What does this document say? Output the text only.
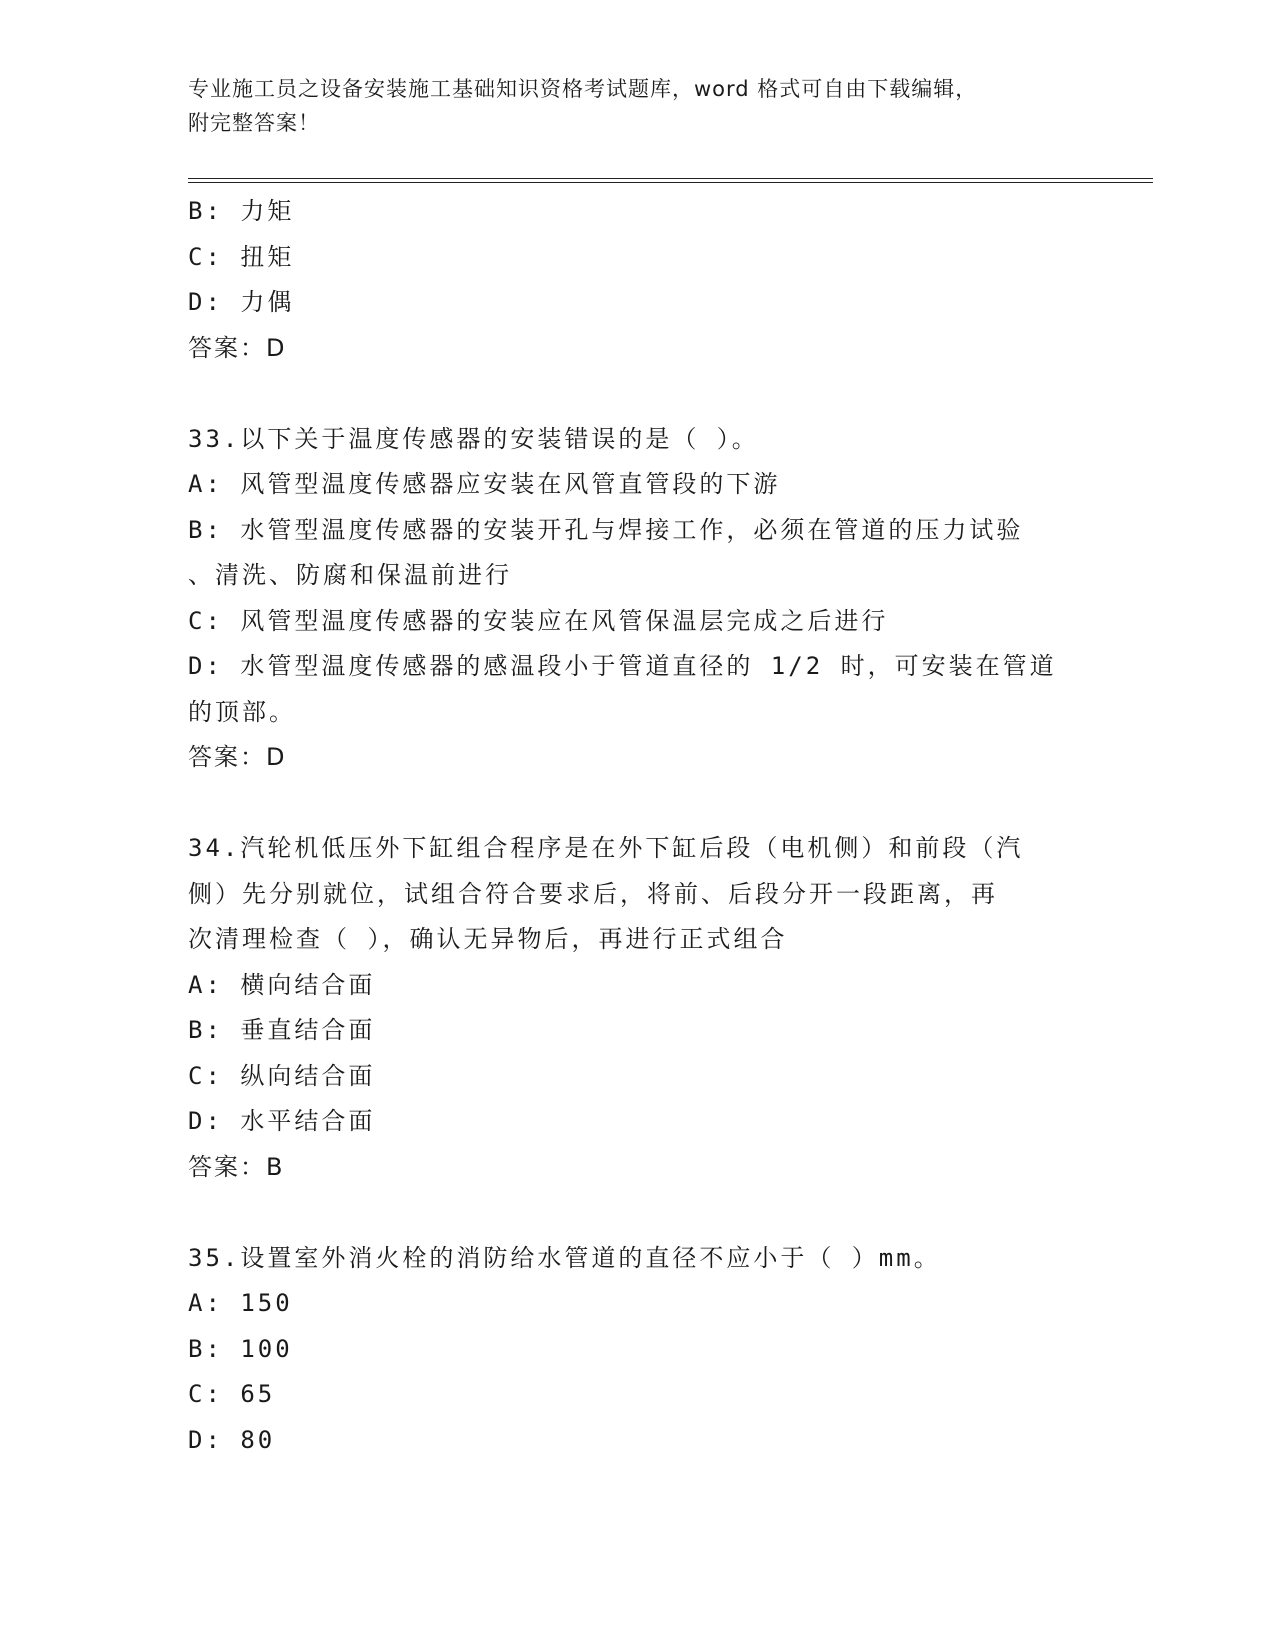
专业施工员之设备安装施工基础知识资格考试题库，word 格式可自由下载编辑，
附完整答案！
B: 力矩
C: 扭矩
D: 力偶
答案：D
33.以下关于温度传感器的安装错误的是（ ）。
A: 风管型温度传感器应安装在风管直管段的下游
B: 水管型温度传感器的安装开孔与焊接工作，必须在管道的压力试验
、清洗、防腐和保温前进行
C: 风管型温度传感器的安装应在风管保温层完成之后进行
D: 水管型温度传感器的感温段小于管道直径的 1/2 时，可安装在管道
的顶部。
答案：D
34.汽轮机低压外下缸组合程序是在外下缸后段（电机侧）和前段（汽
侧）先分别就位，试组合符合要求后，将前、后段分开一段距离，再
次清理检查（ ），确认无异物后，再进行正式组合
A: 横向结合面
B: 垂直结合面
C: 纵向结合面
D: 水平结合面
答案：B
35.设置室外消火栓的消防给水管道的直径不应小于（ ）mm。
A: 150
B: 100
C: 65
D: 80
